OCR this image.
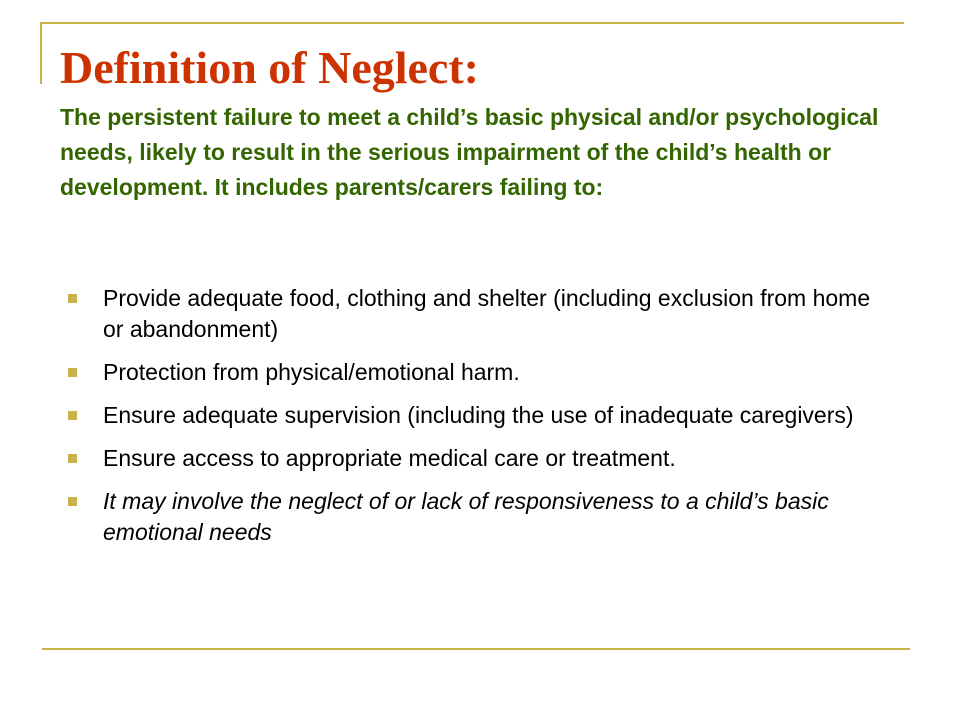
Definition of Neglect:

The persistent failure to meet a child’s basic physical and/or psychological needs, likely to result in the serious impairment of the child’s health or development. It includes parents/carers failing to:

Provide adequate food, clothing and shelter (including exclusion from home or abandonment)
Protection from physical/emotional harm.
Ensure adequate supervision (including the use of inadequate caregivers)
Ensure access to appropriate medical care or treatment.
It may involve the neglect of or lack of responsiveness to a child’s basic emotional needs
